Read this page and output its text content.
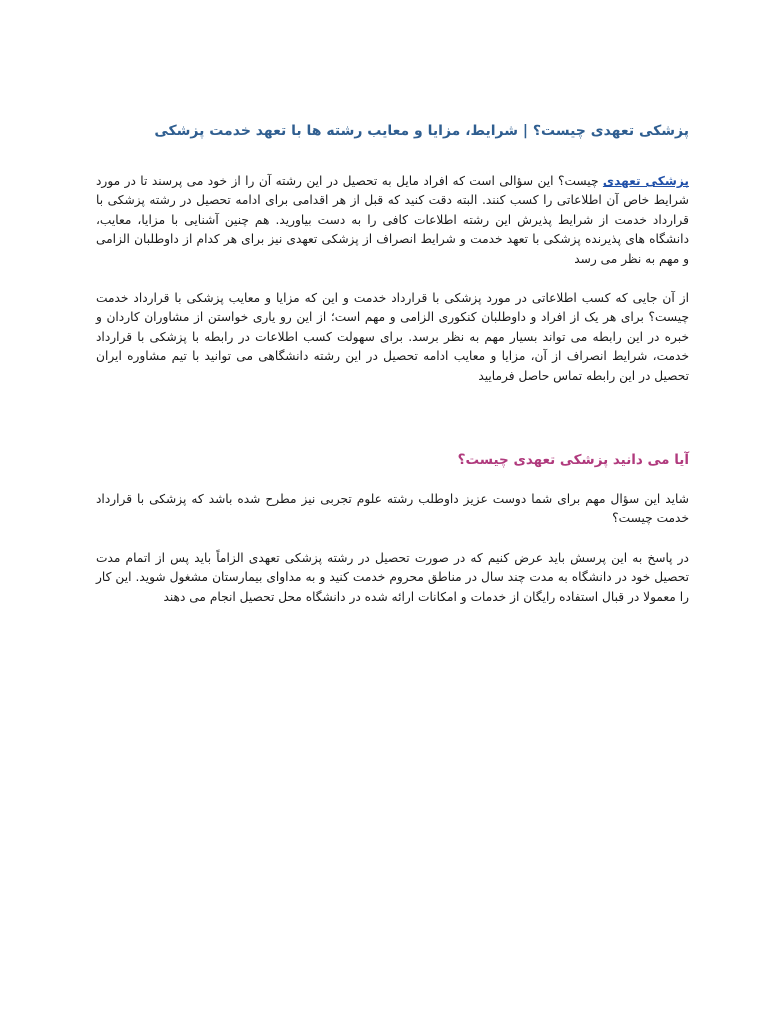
پزشکی تعهدی چیست؟ | شرایط، مزایا و معایب رشته ها با تعهد خدمت پزشکی

پزشکی تعهدی چیست؟ این سؤالی است که افراد مایل به تحصیل در این رشته آن را از خود می پرسند تا در مورد شرایط خاص آن اطلاعاتی را کسب کنند. البته دقت کنید که قبل از هر اقدامی برای ادامه تحصیل در رشته پزشکی با قرارداد خدمت از شرایط پذیرش این رشته اطلاعات کافی را به دست بیاورید. هم چنین آشنایی با مزایا، معایب، دانشگاه های پذیرنده پزشکی با تعهد خدمت و شرایط انصراف از پزشکی تعهدی نیز برای هر کدام از داوطلبان الزامی و مهم به نظر می رسد

از آن جایی که کسب اطلاعاتی در مورد پزشکی با قرارداد خدمت و این که مزایا و معایب پزشکی با قرارداد خدمت چیست؟ برای هر یک از افراد و داوطلبان کنکوری الزامی و مهم است؛ از این رو یاری خواستن از مشاوران کاردان و خبره در این رابطه می تواند بسیار مهم به نظر برسد. برای سهولت کسب اطلاعات در رابطه با پزشکی با قرارداد خدمت، شرایط انصراف از آن، مزایا و معایب ادامه تحصیل در این رشته دانشگاهی می توانید با تیم مشاوره ایران تحصیل در این رابطه تماس حاصل فرمایید

آیا می دانید پزشکی تعهدی چیست؟

شاید این سؤال مهم برای شما دوست عزیز داوطلب رشته علوم تجربی نیز مطرح شده باشد که پزشکی با قرارداد خدمت چیست؟

در پاسخ به این پرسش باید عرض کنیم که در صورت تحصیل در رشته پزشکی تعهدی الزاماً باید پس از اتمام مدت تحصیل خود در دانشگاه به مدت چند سال در مناطق محروم خدمت کنید و به مداوای بیمارستان مشغول شوید. این کار را معمولا در قبال استفاده رایگان از خدمات و امکانات ارائه شده در دانشگاه محل تحصیل انجام می دهند
